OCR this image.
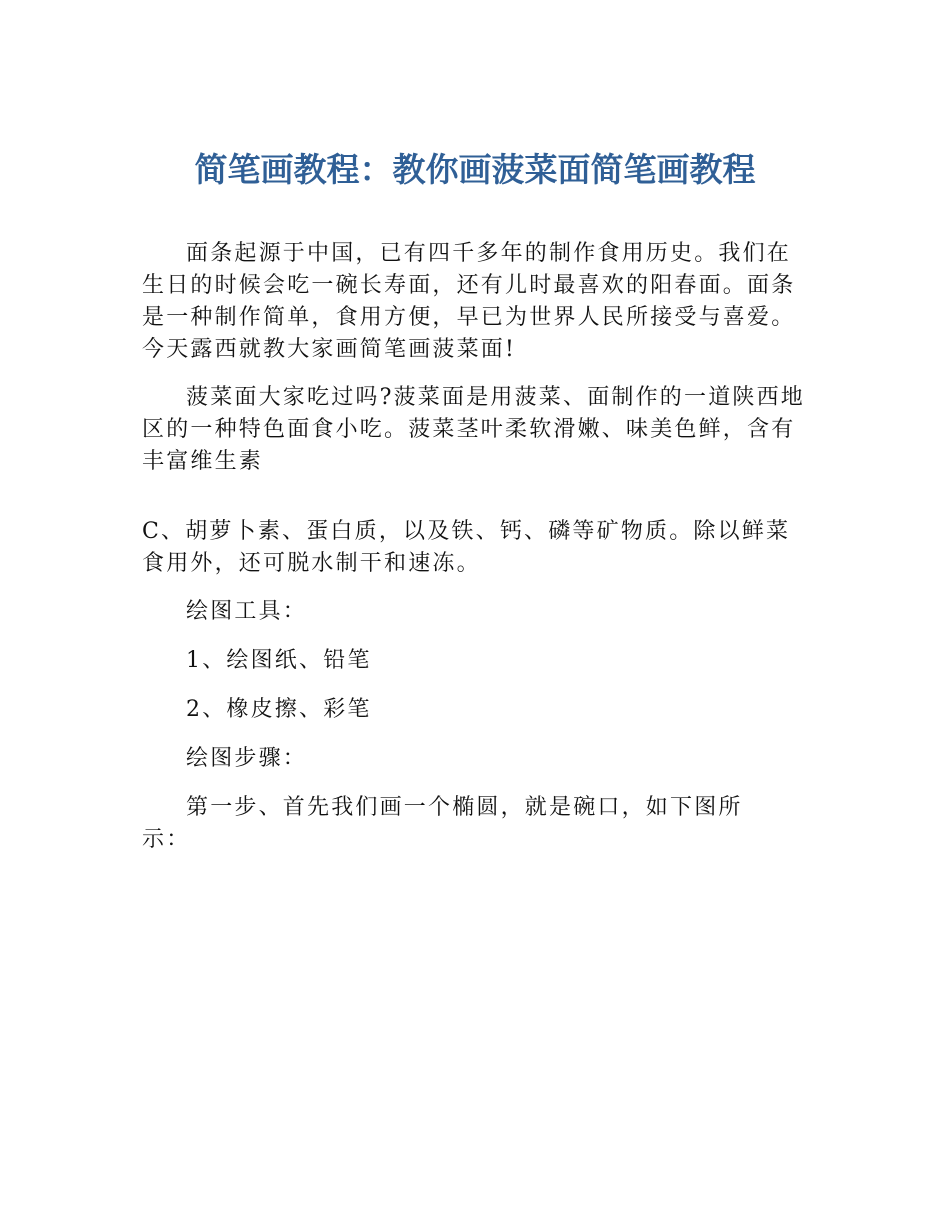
简笔画教程：教你画菠菜面简笔画教程

面条起源于中国，已有四千多年的制作食用历史。我们在生日的时候会吃一碗长寿面，还有儿时最喜欢的阳春面。面条是一种制作简单，食用方便，早已为世界人民所接受与喜爱。今天露西就教大家画简笔画菠菜面!

菠菜面大家吃过吗?菠菜面是用菠菜、面制作的一道陕西地区的一种特色面食小吃。菠菜茎叶柔软滑嫩、味美色鲜，含有丰富维生素

C、胡萝卜素、蛋白质，以及铁、钙、磷等矿物质。除以鲜菜食用外，还可脱水制干和速冻。

绘图工具：

1、绘图纸、铅笔

2、橡皮擦、彩笔

绘图步骤：

第一步、首先我们画一个椭圆，就是碗口，如下图所示：
